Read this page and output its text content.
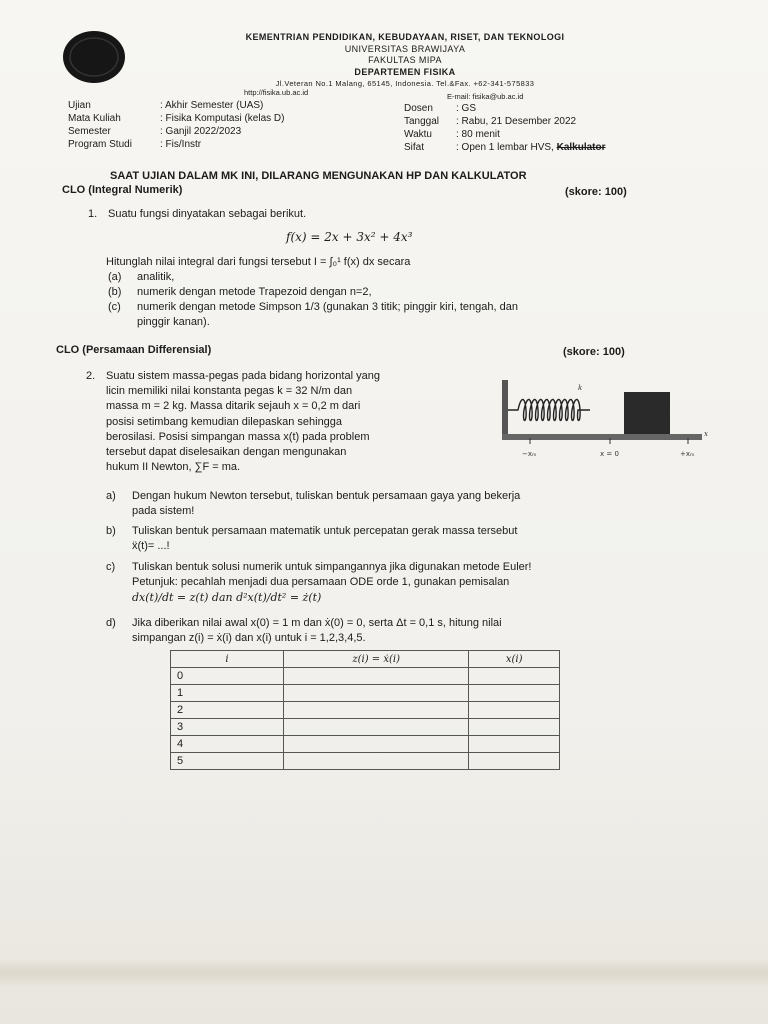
KEMENTRIAN PENDIDIKAN, KEBUDAYAAN, RISET, DAN TEKNOLOGI
UNIVERSITAS BRAWIJAYA
FAKULTAS MIPA
DEPARTEMEN FISIKA
Jl.Veteran No.1 Malang, 65145, Indonesia. Tel.&Fax. +62-341-575833
http://fisika.ub.ac.id	E-mail: fisika@ub.ac.id
Ujian	: Akhir Semester (UAS)
Mata Kuliah	: Fisika Komputasi (kelas D)
Semester	: Ganjil 2022/2023
Program Studi	: Fis/Instr
Dosen : GS
Tanggal : Rabu, 21 Desember 2022
Waktu : 80 menit
Sifat	: Open 1 lembar HVS, Kalkulator
SAAT UJIAN DALAM MK INI, DILARANG MENGUNAKAN HP DAN KALKULATOR
CLO (Integral Numerik)	(skore: 100)
1. Suatu fungsi dinyatakan sebagai berikut.
f(x) = 2x + 3x² + 4x³
Hitunglah nilai integral dari fungsi tersebut I = ∫₀¹ f(x) dx secara
(a) analitik,
(b) numerik dengan metode Trapezoid dengan n=2,
(c) numerik dengan metode Simpson 1/3 (gunakan 3 titik; pinggir kiri, tengah, dan
pinggir kanan).
CLO (Persamaan Differensial)	(skore: 100)
2. Suatu sistem massa-pegas pada bidang horizontal yang
licin memiliki nilai konstanta pegas k = 32 N/m dan
massa m = 2 kg. Massa ditarik sejauh x = 0,2 m dari
posisi setimbang kemudian dilepaskan sehingga
berosilasi. Posisi simpangan massa x(t) pada problem
tersebut dapat diselesaikan dengan mengunakan
hukum II Newton, ∑F = ma.
k
−xₘ	x = 0	+xₘ
x
a) Dengan hukum Newton tersebut, tuliskan bentuk persamaan gaya yang bekerja
pada sistem!
b) Tuliskan bentuk persamaan matematik untuk percepatan gerak massa tersebut
ẍ(t)= ...!
c) Tuliskan bentuk solusi numerik untuk simpangannya jika digunakan metode Euler!
Petunjuk: pecahlah menjadi dua persamaan ODE orde 1, gunakan pemisalan
dx(t)/dt = z(t) dan d²x(t)/dt² = ż(t)
d) Jika diberikan nilai awal x(0) = 1 m dan ẋ(0) = 0, serta Δt = 0,1 s, hitung nilai
simpangan z(i) = ẋ(i) dan x(i) untuk i = 1,2,3,4,5.
i	z(i) = ẋ(i)	x(i)
0		
1		
2		
3		
4		
5		
